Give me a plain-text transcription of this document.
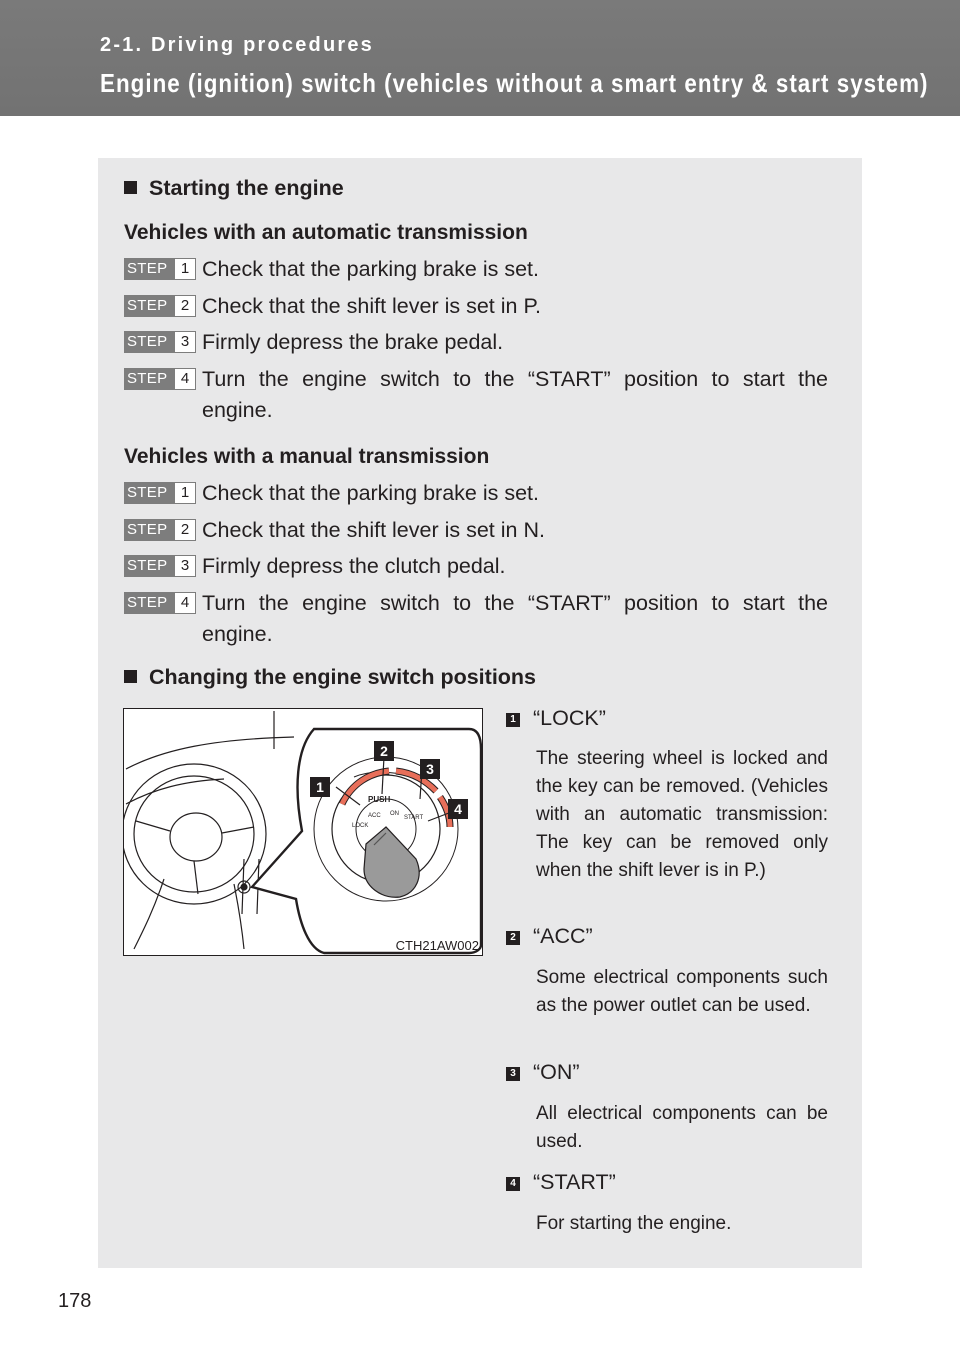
2-1. Driving procedures
Engine (ignition) switch (vehicles without a smart entry & start system)
Starting the engine
Vehicles with an automatic transmission
STEP 1 Check that the parking brake is set.
STEP 2 Check that the shift lever is set in P.
STEP 3 Firmly depress the brake pedal.
STEP 4 Turn the engine switch to the “START” position to start the
engine.
Vehicles with a manual transmission
STEP 1 Check that the parking brake is set.
STEP 2 Check that the shift lever is set in N.
STEP 3 Firmly depress the clutch pedal.
STEP 4 Turn the engine switch to the “START” position to start the
engine.
Changing the engine switch positions
PUSH
LOCK
ACC ON
START
1
2
3
4
CTH21AW002
1 “LOCK”
The steering wheel is locked and the key can be removed. (Vehicles with an automatic transmission: The key can be removed only when the shift lever is in P.)
2 “ACC”
Some electrical components such as the power outlet can be used.
3 “ON”
All electrical components can be used.
4 “START”
For starting the engine.
178
